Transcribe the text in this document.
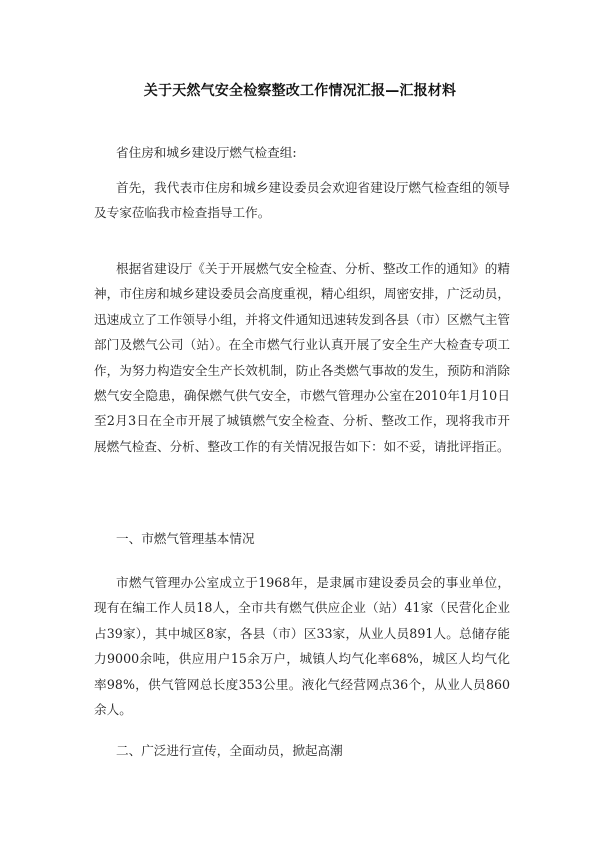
关于天然气安全检察整改工作情况汇报—汇报材料

省住房和城乡建设厅燃气检查组:

首先，我代表市住房和城乡建设委员会欢迎省建设厅燃气检查组的领导及专家莅临我市检查指导工作。

根据省建设厅《关于开展燃气安全检查、分析、整改工作的通知》的精神，市住房和城乡建设委员会高度重视，精心组织，周密安排，广泛动员，迅速成立了工作领导小组，并将文件通知迅速转发到各县（市）区燃气主管部门及燃气公司（站）。在全市燃气行业认真开展了安全生产大检查专项工作，为努力构造安全生产长效机制，防止各类燃气事故的发生，预防和消除燃气安全隐患，确保燃气供气安全，市燃气管理办公室在2010年1月10日至2月3日在全市开展了城镇燃气安全检查、分析、整改工作，现将我市开展燃气检查、分析、整改工作的有关情况报告如下：如不妥，请批评指正。

一、市燃气管理基本情况

市燃气管理办公室成立于1968年，是隶属市建设委员会的事业单位，现有在编工作人员18人，全市共有燃气供应企业（站）41家（民营化企业占39家），其中城区8家，各县（市）区33家，从业人员891人。总储存能力9000余吨，供应用户15余万户，城镇人均气化率68%，城区人均气化率98%，供气管网总长度353公里。液化气经营网点36个，从业人员860余人。

二、广泛进行宣传，全面动员，掀起高潮
